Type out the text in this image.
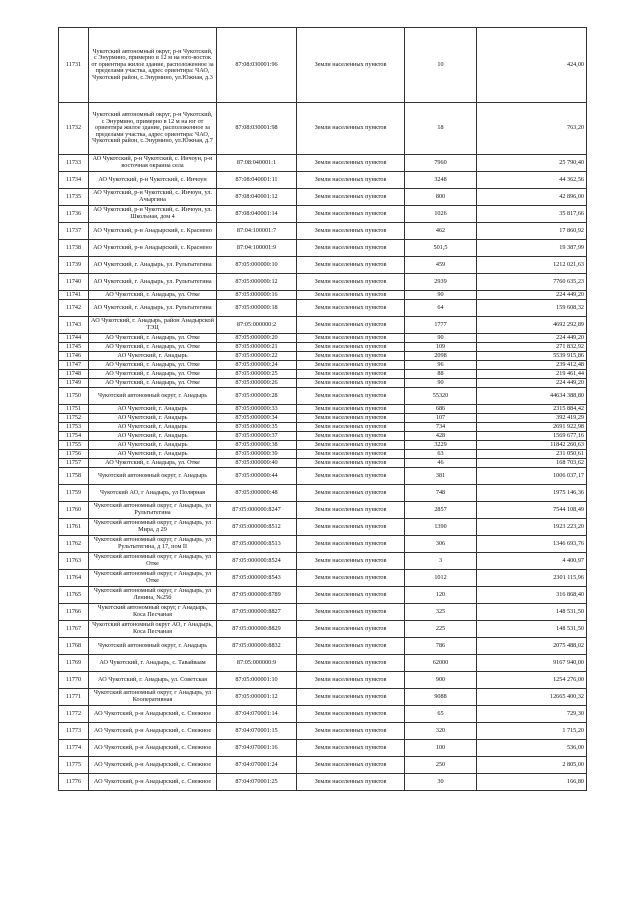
11731	Чукотский автономный округ, р-н Чукотский, с Энурмино, примерно в 12 м на юго-восток от ориентира жилое здание, расположенное за пределами участка, адрес ориентира: ЧАО, Чукотский район, с.Энурмино, ул.Южная, д.3	87:08:030001:96	Земли населенных пунктов	10	424,00
11732	Чукотский автономный округ, р-н Чукотский, с Энурмино, примерно в 12 м на юг от ориентира жилое здание, расположенное за пределами участка, адрес ориентира: ЧАО, Чукотский район, с.Энурмино, ул.Южная, д.7	87:08:030001:98	Земли населенных пунктов	18	763,20
11733	АО Чукотский, р-н Чукотский, с. Инчоун, р-н восточная окраина села	87:08:040001:1	Земли населенных пунктов	7960	25 790,40
11734	АО Чукотский, р-н Чукотский, с. Инчоун	87:08:040001:11	Земли населенных пунктов	3248	44 362,56
11735	АО Чукотский, р-н Чукотский, с. Инчоун, ул. Ачыргина	87:08:040001:12	Земли населенных пунктов	800	42 896,00
11736	АО Чукотский, р-н Чукотский, с. Инчоун, ул. Школьная, дом 4	87:08:040001:14	Земли населенных пунктов	1026	35 817,66
11737	АО Чукотский, р-н Анадырский, с. Краснено	87:04:100001:7	Земли населенных пунктов	462	17 860,92
11738	АО Чукотский, р-н Анадырский, с. Краснено	87:04:100001:9	Земли населенных пунктов	501,5	19 387,99
11739	АО Чукотский, г. Анадырь, ул. Рультытегина	87:05:000000:10	Земли населенных пунктов	459	1212 021,63
11740	АО Чукотский, г. Анадырь, ул. Рультытегина	87:05:000000:12	Земли населенных пунктов	2939	7760 635,23
11741	АО Чукотский, г. Анадырь, ул. Отке	87:05:000000:16	Земли населенных пунктов	90	224 449,20
11742	АО Чукотский, г. Анадырь, ул. Рультытегина	87:05:000000:18	Земли населенных пунктов	64	159 608,32
11743	АО Чукотский, г. Анадырь, район Анадырской ТЭЦ	87:05:000000:2	Земли населенных пунктов	1777	4692 292,89
11744	АО Чукотский, г. Анадырь, ул. Отке	87:05:000000:20	Земли населенных пунктов	90	224 449,20
11745	АО Чукотский, г. Анадырь, ул. Отке	87:05:000000:21	Земли населенных пунктов	109	271 832,92
11746	АО Чукотский, г. Анадырь	87:05:000000:22	Земли населенных пунктов	2098	5539 915,86
11747	АО Чукотский, г. Анадырь, ул. Отке	87:05:000000:24	Земли населенных пунктов	96	239 412,48
11748	АО Чукотский, г. Анадырь, ул. Отке	87:05:000000:25	Земли населенных пунктов	88	219 461,44
11749	АО Чукотский, г. Анадырь, ул. Отке	87:05:000000:26	Земли населенных пунктов	90	224 449,20
11750	Чукотский автономный округ, г. Анадырь	87:05:000000:28	Земли населенных пунктов	55320	44634 388,80
11751	АО Чукотский, г. Анадырь	87:05:000000:33	Земли населенных пунктов	686	2315 884,42
11752	АО Чукотский, г. Анадырь	87:05:000000:34	Земли населенных пунктов	107	392 419,29
11753	АО Чукотский, г. Анадырь	87:05:000000:35	Земли населенных пунктов	734	2691 922,98
11754	АО Чукотский, г. Анадырь	87:05:000000:37	Земли населенных пунктов	428	1569 677,16
11755	АО Чукотский, г. Анадырь	87:05:000000:38	Земли населенных пунктов	3229	11842 260,63
11756	АО Чукотский, г. Анадырь	87:05:000000:39	Земли населенных пунктов	63	231 050,61
11757	АО Чукотский, г. Анадырь, ул. Отке	87:05:000000:40	Земли населенных пунктов	46	168 703,62
11758	Чукотский автономный округ, г. Анадырь	87:05:000000:44	Земли населенных пунктов	381	1006 037,17
11759	Чукотский АО, г Анадырь, ул Полярная	87:05:000000:48	Земли населенных пунктов	748	1975 146,36
11760	Чукотский автономный округ, г Анадырь, ул Рультытегина	87:05:000000:8247	Земли населенных пунктов	2857	7544 108,49
11761	Чукотский автономный округ, г Анадырь, ул Мира, д 29	87:05:000000:8512	Земли населенных пунктов	1390	1923 223,20
11762	Чукотский автономный округ, г Анадырь, ул Рультытегина, д 17, пом II	87:05:000000:8513	Земли населенных пунктов	306	1346 693,76
11763	Чукотский автономный округ, г Анадырь, ул Отке	87:05:000000:8524	Земли населенных пунктов	3	4 400,97
11764	Чукотский автономный округ, г Анадырь, ул Отке	87:05:000000:8543	Земли населенных пунктов	1012	2301 115,96
11765	Чукотский автономный округ, г Анадырь, ул Ленина, №25б	87:05:000000:8789	Земли населенных пунктов	120	316 868,40
11766	Чукотский автономный округ, г Анадырь, Коса Песчаная	87:05:000000:8827	Земли населенных пунктов	325	148 531,50
11767	Чукотский автономный округ АО, г Анадырь, Коса Песчаная	87:05:000000:8829	Земли населенных пунктов	225	148 531,50
11768	Чукотский автономный округ, г. Анадырь	87:05:000000:8832	Земли населенных пунктов	786	2075 488,02
11769	АО Чукотский, г. Анадырь, с. Тавайваам	87:05:000000:9	Земли населенных пунктов	62000	9167 940,00
11770	АО Чукотский, г. Анадырь, ул. Советская	87:05:000001:10	Земли населенных пунктов	900	1254 276,00
11771	Чукотский автономный округ, г Анадырь, ул Кооперативная	87:05:000001:12	Земли населенных пунктов	9088	12665 400,32
11772	АО Чукотский, р-н Анадырский, с. Снежное	87:04:070001:14	Земли населенных пунктов	65	729,30
11773	АО Чукотский, р-н Анадырский, с. Снежное	87:04:070001:15	Земли населенных пунктов	320	1 715,20
11774	АО Чукотский, р-н Анадырский, с. Снежное	87:04:070001:16	Земли населенных пунктов	100	536,00
11775	АО Чукотский, р-н Анадырский, с. Снежное	87:04:070001:24	Земли населенных пунктов	250	2 805,00
11776	АО Чукотский, р-н Анадырский, с. Снежное	87:04:070001:25	Земли населенных пунктов	30	166,80
